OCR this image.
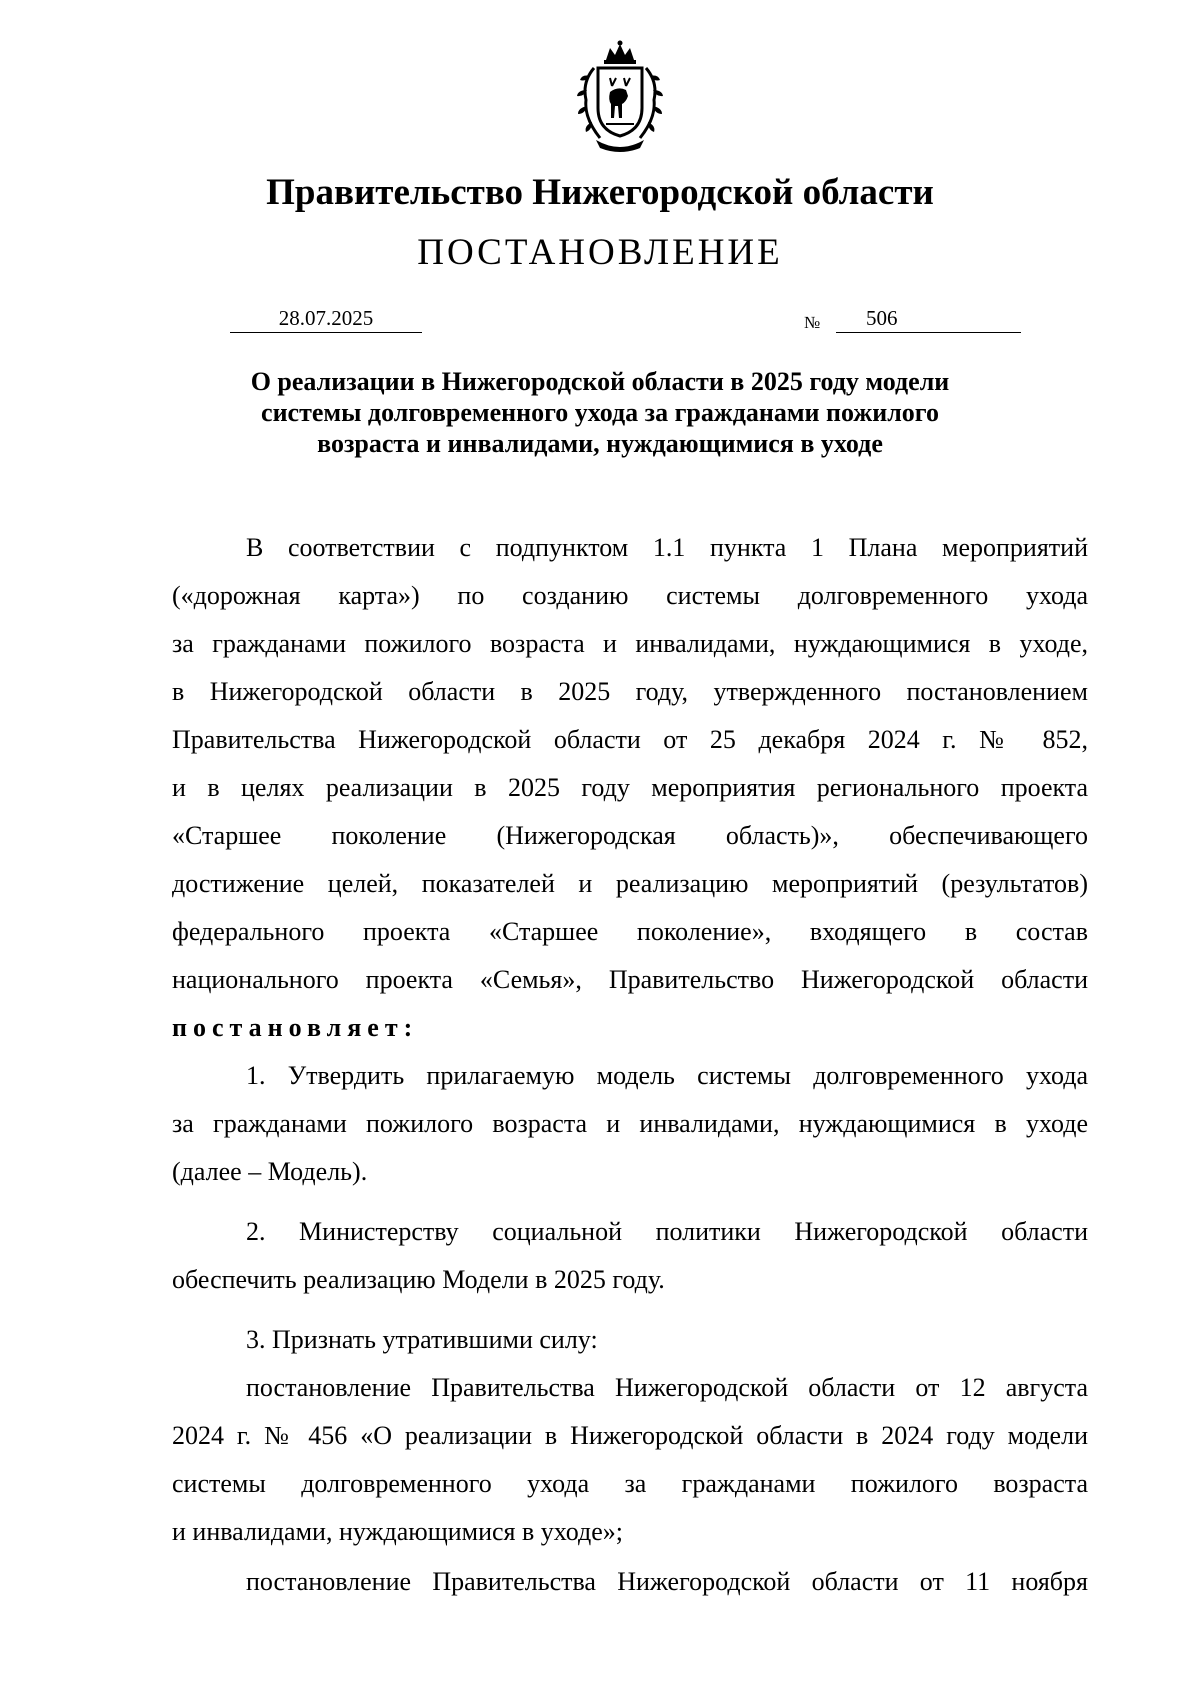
Правительство Нижегородской области
ПОСТАНОВЛЕНИЕ
28.07.2025	№ 506
О реализации в Нижегородской области в 2025 году модели
системы долговременного ухода за гражданами пожилого
возраста и инвалидами, нуждающимися в уходе
В соответствии с подпунктом 1.1 пункта 1 Плана мероприятий
(«дорожная карта») по созданию системы долговременного ухода
за гражданами пожилого возраста и инвалидами, нуждающимися в уходе,
в Нижегородской области в 2025 году, утвержденного постановлением
Правительства Нижегородской области от 25 декабря 2024 г. № 852,
и в целях реализации в 2025 году мероприятия регионального проекта
«Старшее поколение (Нижегородская область)», обеспечивающего
достижение целей, показателей и реализацию мероприятий (результатов)
федерального проекта «Старшее поколение», входящего в состав
национального проекта «Семья», Правительство Нижегородской области
постановляет:
1. Утвердить прилагаемую модель системы долговременного ухода
за гражданами пожилого возраста и инвалидами, нуждающимися в уходе
(далее – Модель).
2. Министерству социальной политики Нижегородской области
обеспечить реализацию Модели в 2025 году.
3. Признать утратившими силу:
постановление Правительства Нижегородской области от 12 августа
2024 г. № 456 «О реализации в Нижегородской области в 2024 году модели
системы долговременного ухода за гражданами пожилого возраста
и инвалидами, нуждающимися в уходе»;
постановление Правительства Нижегородской области от 11 ноября
